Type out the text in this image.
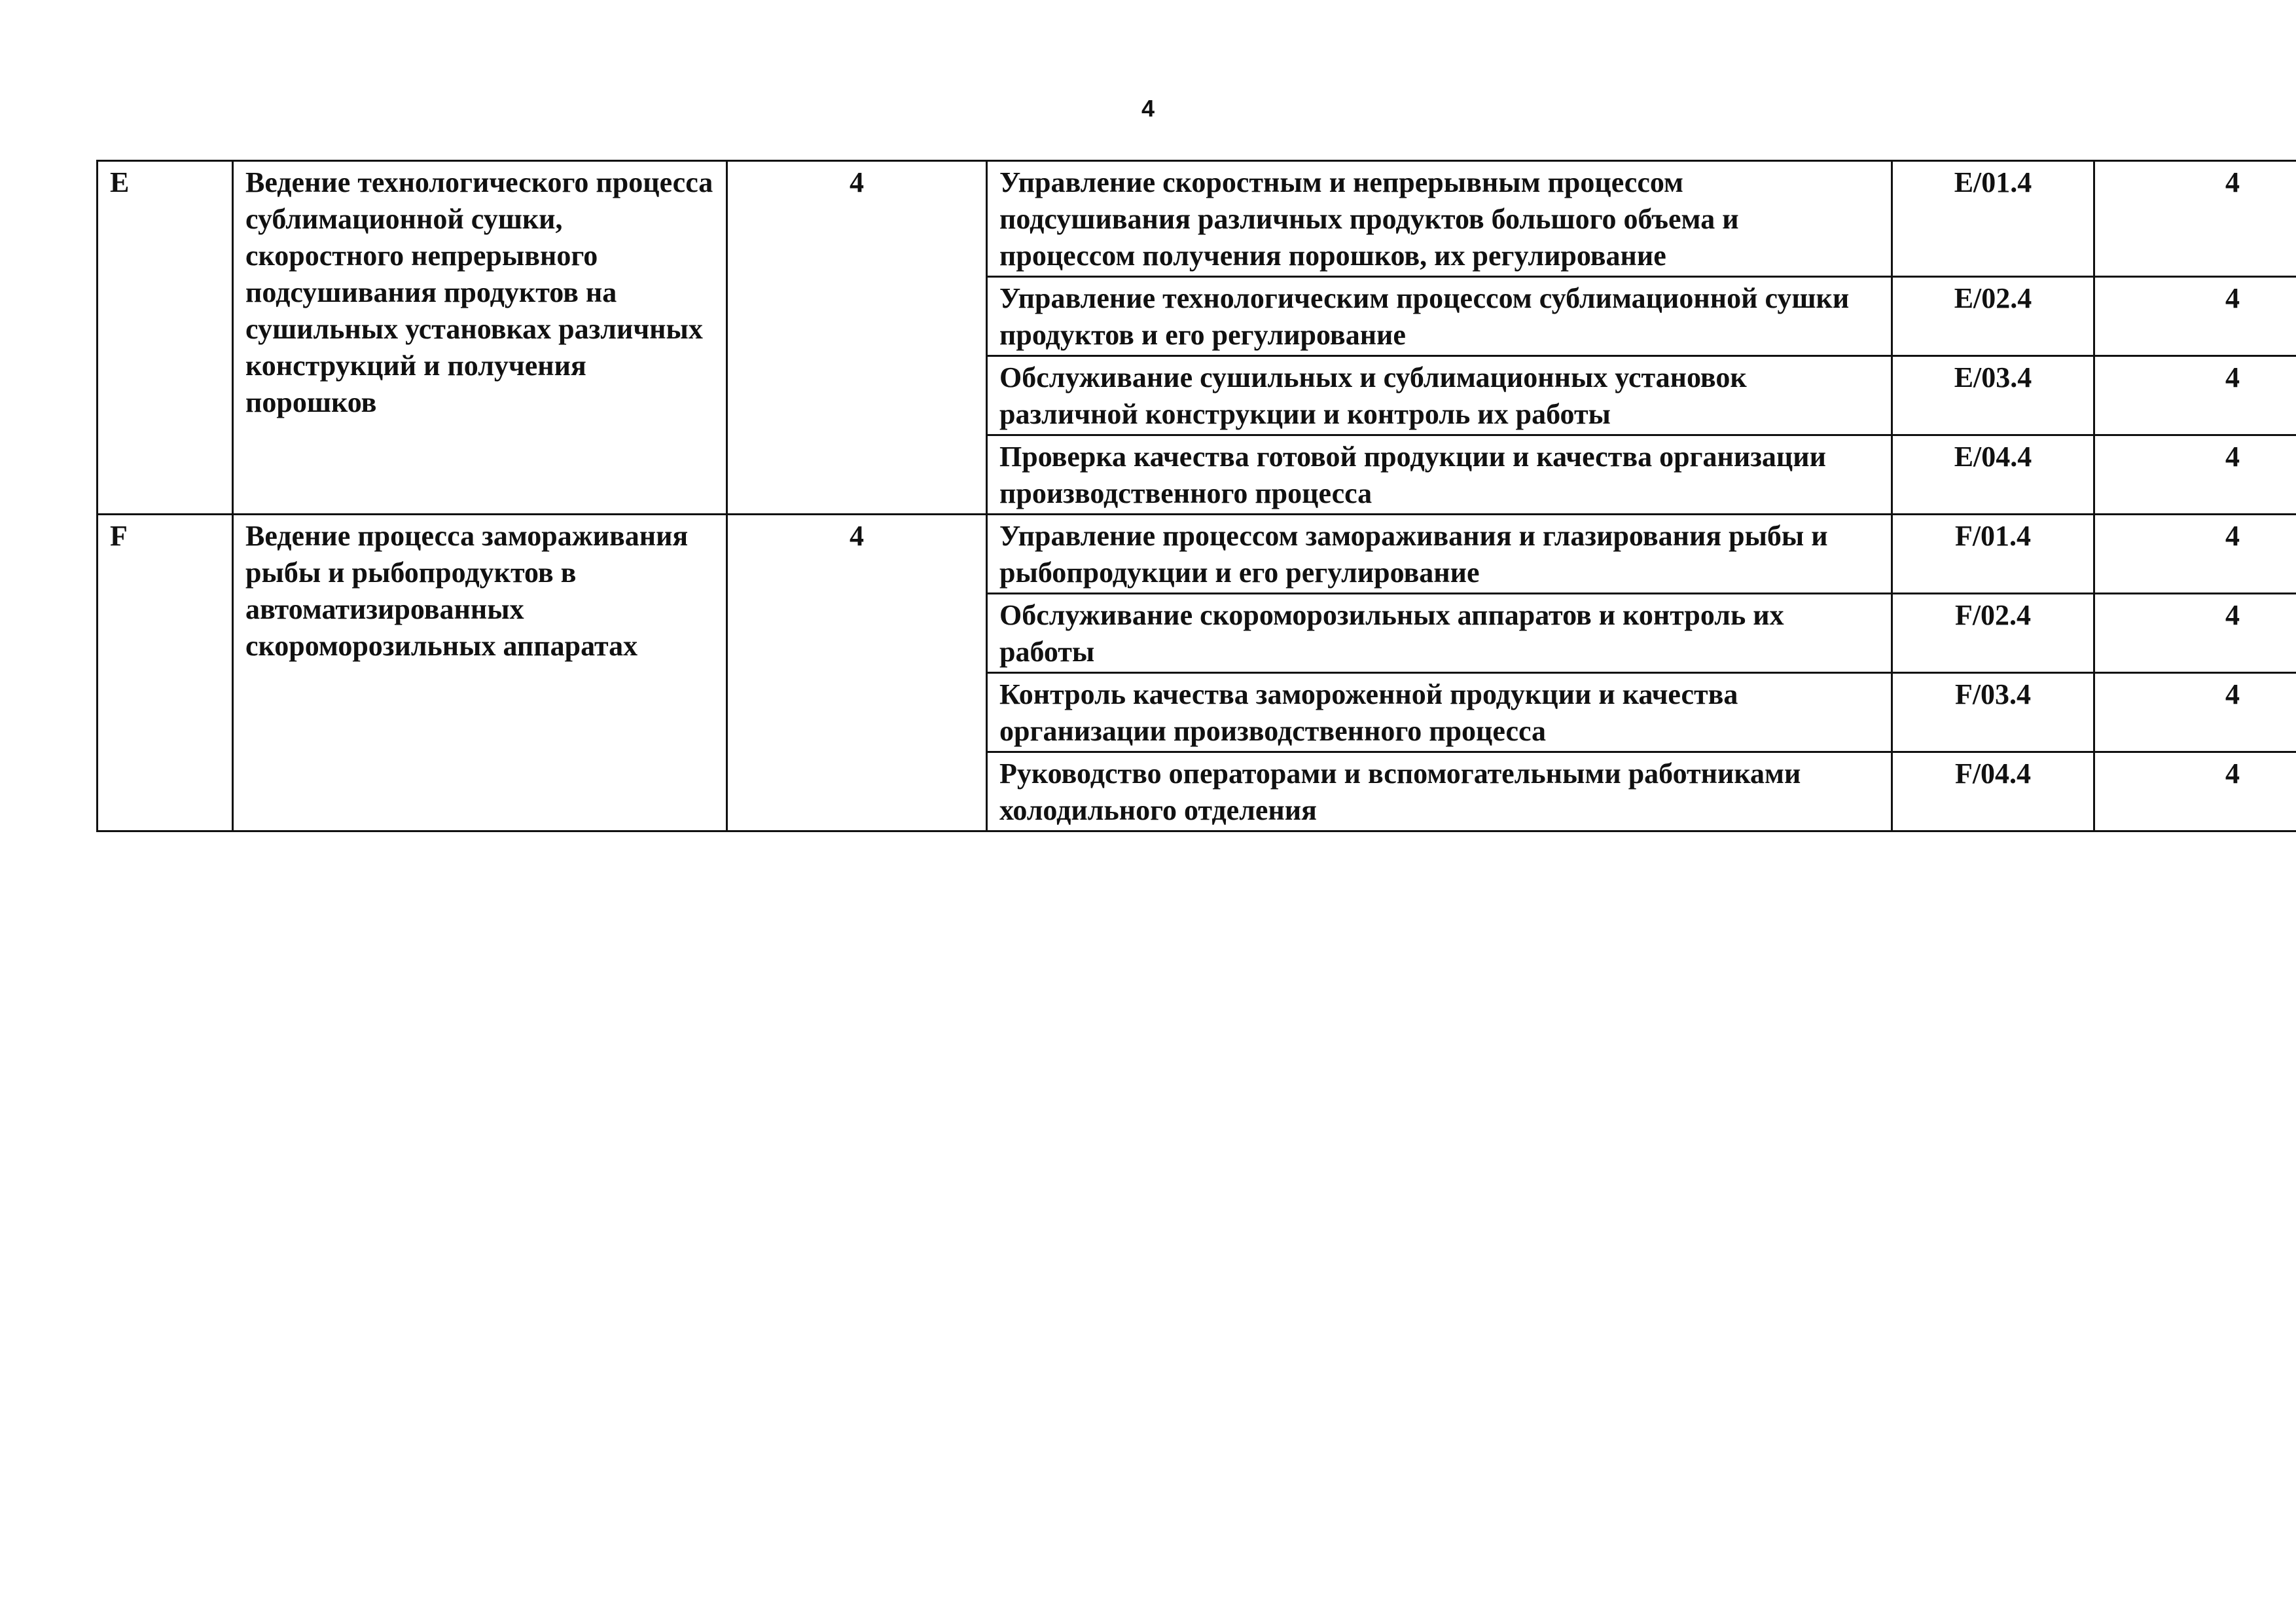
4
E	Ведение технологического процесса сублимационной сушки, скоростного непрерывного подсушивания продуктов на сушильных установках различных конструкций и получения порошков	4	Управление скоростным и непрерывным процессом подсушивания различных продуктов большого объема и процессом получения порошков, их регулирование	E/01.4	4
			Управление технологическим процессом сублимационной сушки продуктов и его регулирование	E/02.4	4
			Обслуживание сушильных и сублимационных установок различной конструкции и контроль их работы	E/03.4	4
			Проверка качества готовой продукции и качества организации производственного процесса	E/04.4	4
F	Ведение процесса замораживания рыбы и рыбопродуктов в автоматизированных скороморозильных аппаратах	4	Управление процессом замораживания и глазирования рыбы и рыбопродукции и его регулирование	F/01.4	4
			Обслуживание скороморозильных аппаратов и контроль их работы	F/02.4	4
			Контроль качества замороженной продукции и качества организации производственного процесса	F/03.4	4
			Руководство операторами и вспомогательными работниками холодильного отделения	F/04.4	4
